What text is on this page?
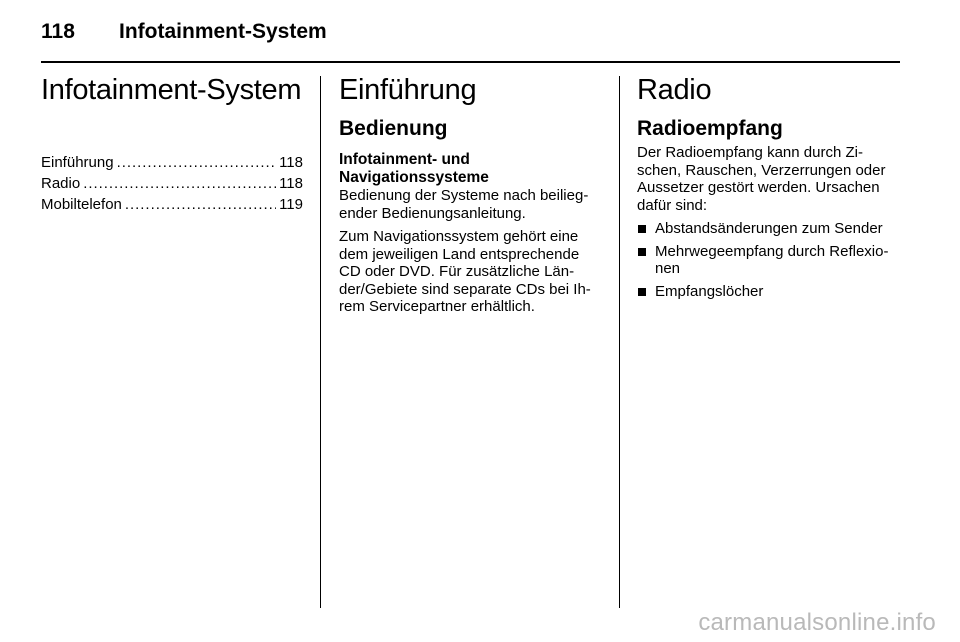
118	Infotainment-System
Infotainment-System
Einführung . . .	118
Radio . . .	118
Mobiltelefon . . .	119
Einführung
Bedienung
Infotainment- und
Navigationssysteme

Bedienung der Systeme nach beilieg-
ender Bedienungsanleitung.

Zum Navigationssystem gehört eine
dem jeweiligen Land entsprechende
CD oder DVD. Für zusätzliche Län-
der/Gebiete sind separate CDs bei Ih-
rem Servicepartner erhältlich.

Radio
Radioempfang

Der Radioempfang kann durch Zi-
schen, Rauschen, Verzerrungen oder
Aussetzer gestört werden. Ursachen
dafür sind:

Abstandsänderungen zum Sender
Mehrwegeempfang durch Reflexio-
nen
Empfangslöcher
carmanualsonline.info
